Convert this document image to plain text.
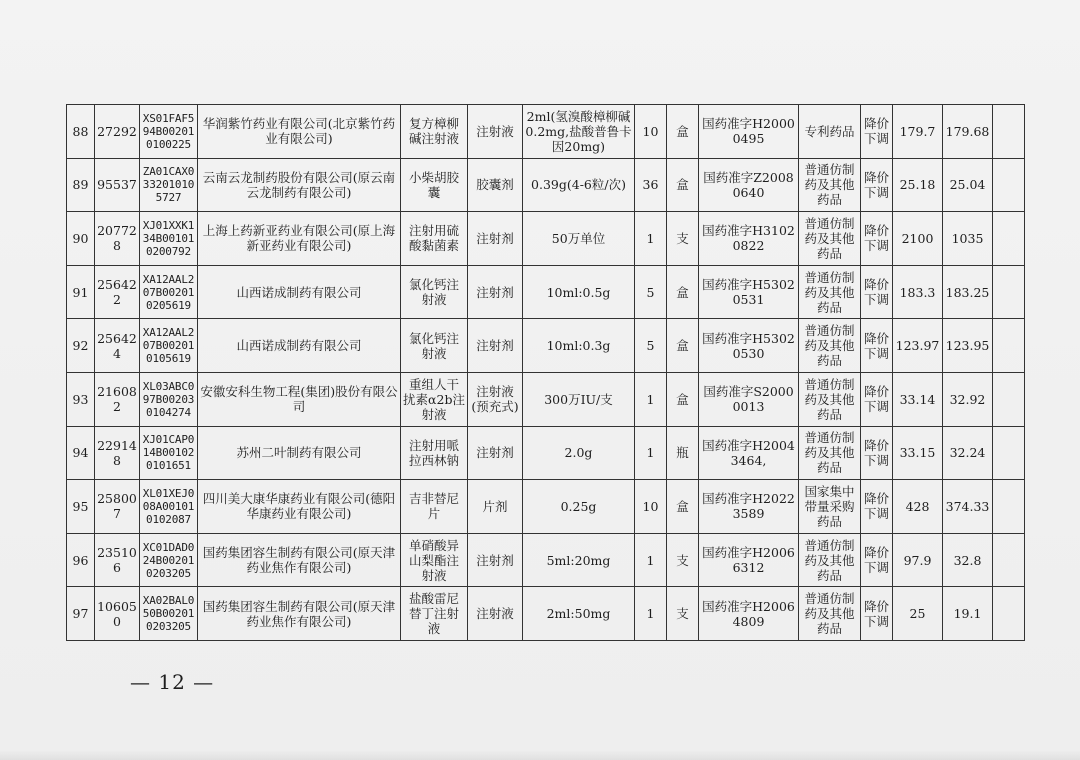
88	27292	XS01FAF594B002010100225	华润紫竹药业有限公司(北京紫竹药业有限公司)	复方樟柳碱注射液	注射液	2ml(氢溴酸樟柳碱0.2mg,盐酸普鲁卡因20mg)	10	盒	国药准字H20000495	专利药品	降价下调	179.7	179.68	
89	95537	ZA01CAX0332010105727	云南云龙制药股份有限公司(原云南云龙制药有限公司)	小柴胡胶囊	胶囊剂	0.39g(4-6粒/次)	36	盒	国药准字Z20080640	普通仿制药及其他药品	降价下调	25.18	25.04	
90	207728	XJ01XXK134B001010200792	上海上药新亚药业有限公司(原上海新亚药业有限公司)	注射用硫酸黏菌素	注射剂	50万单位	1	支	国药准字H31020822	普通仿制药及其他药品	降价下调	2100	1035	
91	256422	XA12AAL207B002010205619	山西诺成制药有限公司	氯化钙注射液	注射剂	10ml:0.5g	5	盒	国药准字H53020531	普通仿制药及其他药品	降价下调	183.3	183.25	
92	256424	XA12AAL207B002010105619	山西诺成制药有限公司	氯化钙注射液	注射剂	10ml:0.3g	5	盒	国药准字H53020530	普通仿制药及其他药品	降价下调	123.97	123.95	
93	216082	XL03ABC097B002030104274	安徽安科生物工程(集团)股份有限公司	重组人干扰素α2b注射液	注射液(预充式)	300万IU/支	1	盒	国药准字S20000013	普通仿制药及其他药品	降价下调	33.14	32.92	
94	229148	XJ01CAP014B001020101651	苏州二叶制药有限公司	注射用哌拉西林钠	注射剂	2.0g	1	瓶	国药准字H20043464,	普通仿制药及其他药品	降价下调	33.15	32.24	
95	258007	XL01XEJ008A001010102087	四川美大康华康药业有限公司(德阳华康药业有限公司)	吉非替尼片	片剂	0.25g	10	盒	国药准字H20223589	国家集中带量采购药品	降价下调	428	374.33	
96	235106	XC01DAD024B002010203205	国药集团容生制药有限公司(原天津药业焦作有限公司)	单硝酸异山梨酯注射液	注射剂	5ml:20mg	1	支	国药准字H20066312	普通仿制药及其他药品	降价下调	97.9	32.8	
97	106050	XA02BAL050B002010203205	国药集团容生制药有限公司(原天津药业焦作有限公司)	盐酸雷尼替丁注射液	注射液	2ml:50mg	1	支	国药准字H20064809	普通仿制药及其他药品	降价下调	25	19.1	
— 12 —
